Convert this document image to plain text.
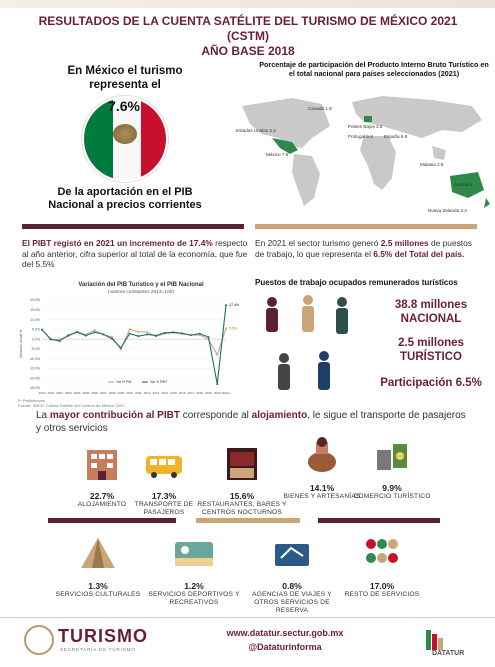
RESULTADOS DE LA CUENTA SATÉLITE DEL TURISMO DE MÉXICO 2021 (CSTM)
AÑO BASE 2018
En México el turismo representa el
7.6%
De la aportación en el PIB Nacional a precios corrientes
Porcentaje de participación del Producto Interno Bruto Turístico en el total nacional para países seleccionados (2021)
Canadá 1.8
Estados Unidos 2.2
Países Bajos 2.5
Portugal 5.8 España 6.9
México 7.6
Malasia 2.8
Australia
Nueva Zelanda 3.3
El PIBT registó en 2021 un incremento de 17.4% respecto al año anterior, cifra superior al total de la economía, que fue del 5.5%
En 2021 el sector turismo generó 2.5 millones de puestos de trabajo, lo que representa el 6.5% del Total del país.
Variación del PIB Turístico y el PIB Nacional
(valores constantes 2013=100)
20.0%
15.0%
10.0%
5.0%
0.0%
-5.0%
-10.0%
-15.0%
-20.0%
-25.0%
2000 2001 2002 2003 2004 2005 2006 2007 2008 2009 2010 2011 2012 2013 2014 2015 2016 2017 2018 2019 2020 2021p
Variación anual %
17.4%
5.5%
Var % PIB	Var % PIBT
P: Preliminares
Fuente: INEGI. Cuenta Satélite del Turismo de México 2021
Puestos de trabajo ocupados remunerados turísticos
38.8 millones NACIONAL
2.5 millones TURÍSTICO
Participación 6.5%
La mayor contribución al PIBT corresponde al alojamiento, le sigue el transporte de pasajeros y otros servicios
22.7%
ALOJAMIENTO
17.3%
TRANSPORTE DE PASAJEROS
15.6%
RESTAURANTES, BARES Y CENTROS NOCTURNOS
14.1%
BIENES Y ARTESANÍAS
9.9%
COMERCIO TURÍSTICO
1.3%
SERVICIOS CULTURALES
1.2%
SERVICIOS DEPORTIVOS Y RECREATIVOS
0.8%
AGENCIAS DE VIAJES Y OTROS SERVICIOS DE RESERVA
17.0%
RESTO DE SERVICIOS
TURISMO
SECRETARÍA DE TURISMO
www.datatur.sectur.gob.mx
@Dataturinforma
DATATUR
